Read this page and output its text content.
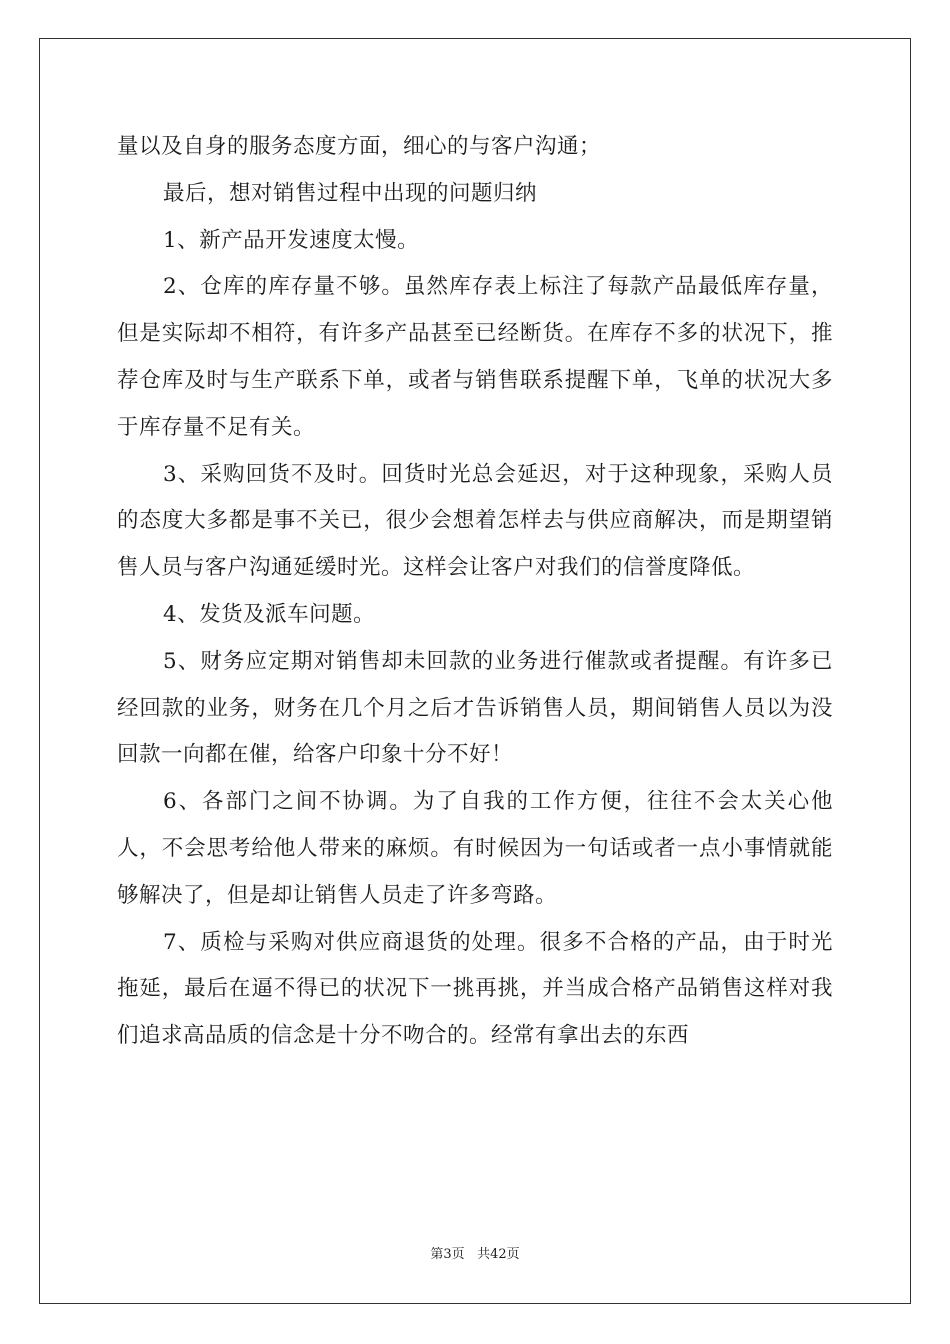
量以及自身的服务态度方面，细心的与客户沟通；

最后，想对销售过程中出现的问题归纳

1、新产品开发速度太慢。

2、仓库的库存量不够。虽然库存表上标注了每款产品最低库存量，但是实际却不相符，有许多产品甚至已经断货。在库存不多的状况下，推荐仓库及时与生产联系下单，或者与销售联系提醒下单，飞单的状况大多于库存量不足有关。

3、采购回货不及时。回货时光总会延迟，对于这种现象，采购人员的态度大多都是事不关已，很少会想着怎样去与供应商解决，而是期望销售人员与客户沟通延缓时光。这样会让客户对我们的信誉度降低。

4、发货及派车问题。

5、财务应定期对销售却未回款的业务进行催款或者提醒。有许多已经回款的业务，财务在几个月之后才告诉销售人员，期间销售人员以为没回款一向都在催，给客户印象十分不好！

6、各部门之间不协调。为了自我的工作方便，往往不会太关心他人，不会思考给他人带来的麻烦。有时候因为一句话或者一点小事情就能够解决了，但是却让销售人员走了许多弯路。

7、质检与采购对供应商退货的处理。很多不合格的产品，由于时光拖延，最后在逼不得已的状况下一挑再挑，并当成合格产品销售这样对我们追求高品质的信念是十分不吻合的。经常有拿出去的东西

第3页 共42页
